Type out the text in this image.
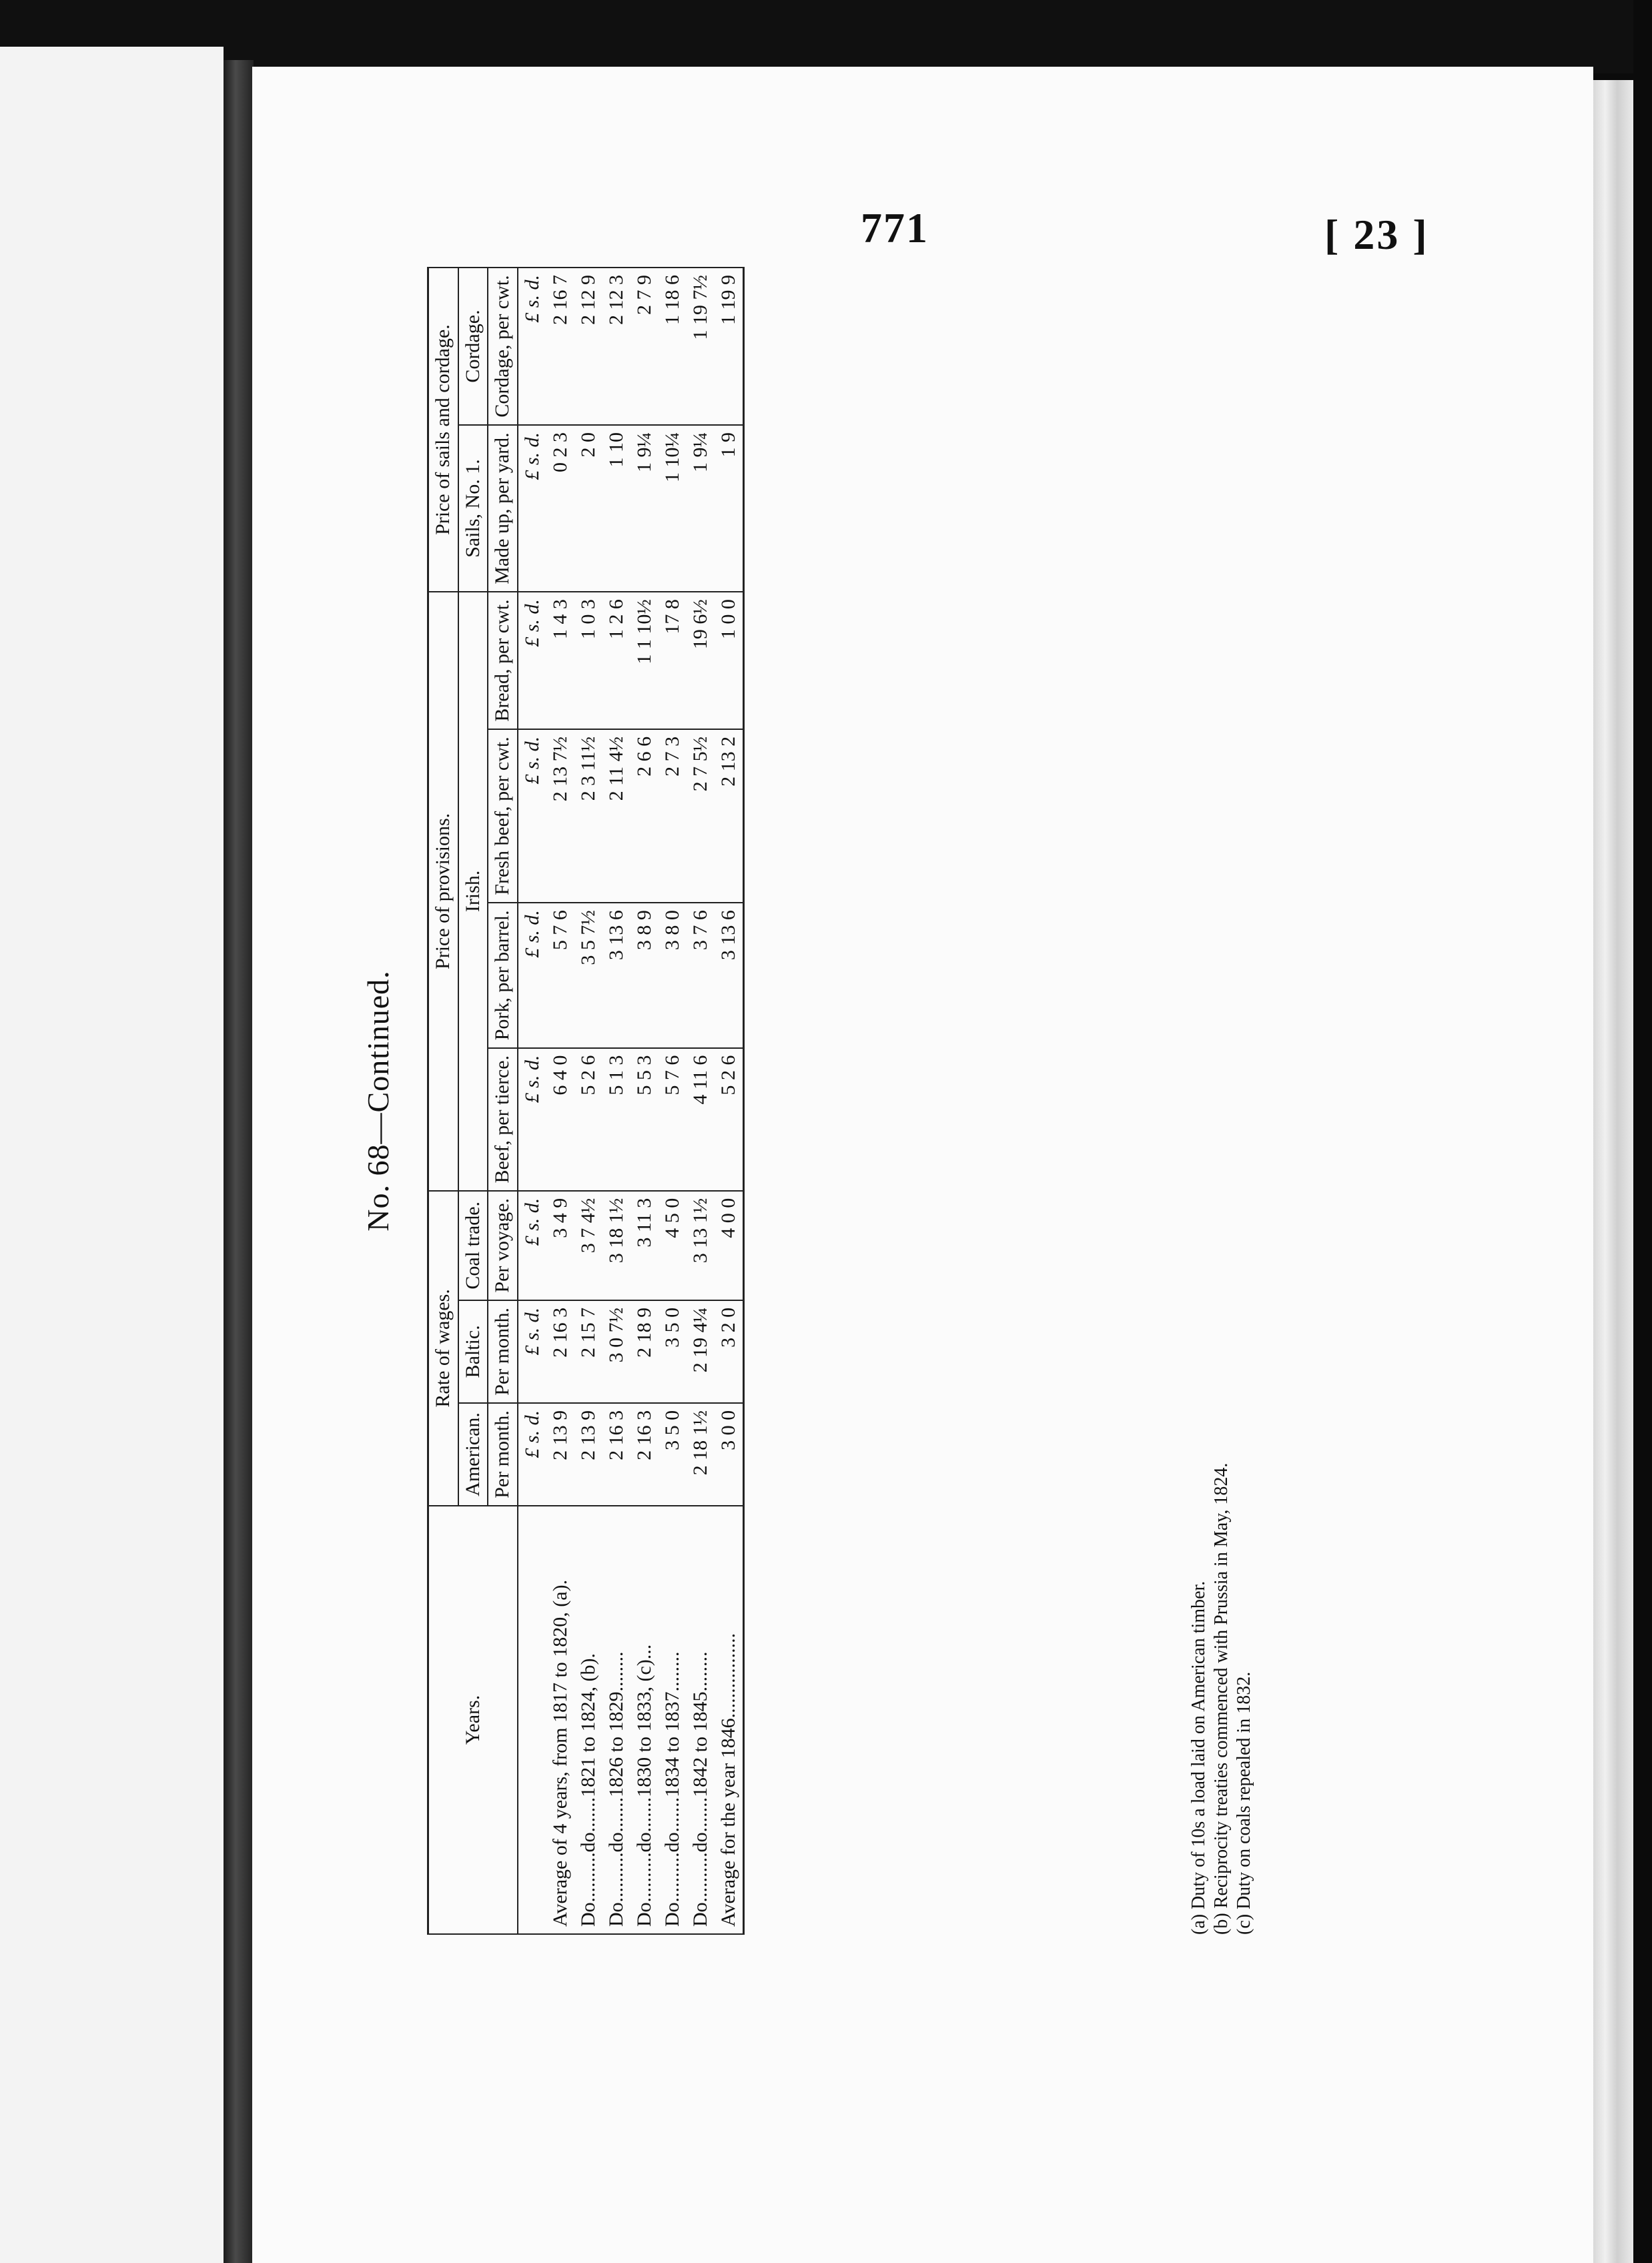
771	[ 23 ]
No. 68—Continued.
Years.	Rate of wages.			Price of provisions.				Price of sails and cordage.	
	American.	Baltic.	Coal trade.	Irish.				Sails, No. 1.	Cordage.
	Per month.	Per month.	Per voyage.	Beef, per tierce.	Pork, per barrel.	Fresh beef, per cwt.	Bread, per cwt.	Made up, per yard.	Cordage, per cwt.
	£ s. d.	£ s. d.	£ s. d.	£ s. d.	£ s. d.	£ s. d.	£ s. d.	£ s. d.	£ s. d.
Average of 4 years, from 1817 to 1820, (a).	2 13 9	2 16 3	3 4 9	6 4 0	5 7 6	2 13 7½	1 4 3	0 2 3	2 16 7
Do..........do.......1821 to 1824, (b).	2 13 9	2 15 7	3 7 4½	5 2 6	3 5 7½	2 3 11½	1 0 3	2 0	2 12 9
Do..........do.......1826 to 1829........	2 16 3	3 0 7½	3 18 1½	5 1 3	3 13 6	2 11 4½	1 2 6	1 10	2 12 3
Do..........do.......1830 to 1833, (c)...	2 16 3	2 18 9	3 11 3	5 5 3	3 8 9	2 6 6	1 1 10½	1 9¼	2 7 9
Do..........do.......1834 to 1837........	3 5 0	3 5 0	4 5 0	5 7 6	3 8 0	2 7 3	17 8	1 10¼	1 18 6
Do..........do.......1842 to 1845........	2 18 1½	2 19 4¼	3 13 1½	4 11 6	3 7 6	2 7 5½	19 6½	1 9¼	1 19 7½
Average for the year 1846.................	3 0 0	3 2 0	4 0 0	5 2 6	3 13 6	2 13 2	1 0 0	1 9	1 19 9
(a) Duty of 10s a load laid on American timber. (b) Reciprocity treaties commenced with Prussia in May, 1824. (c) Duty on coals repealed in 1832.
